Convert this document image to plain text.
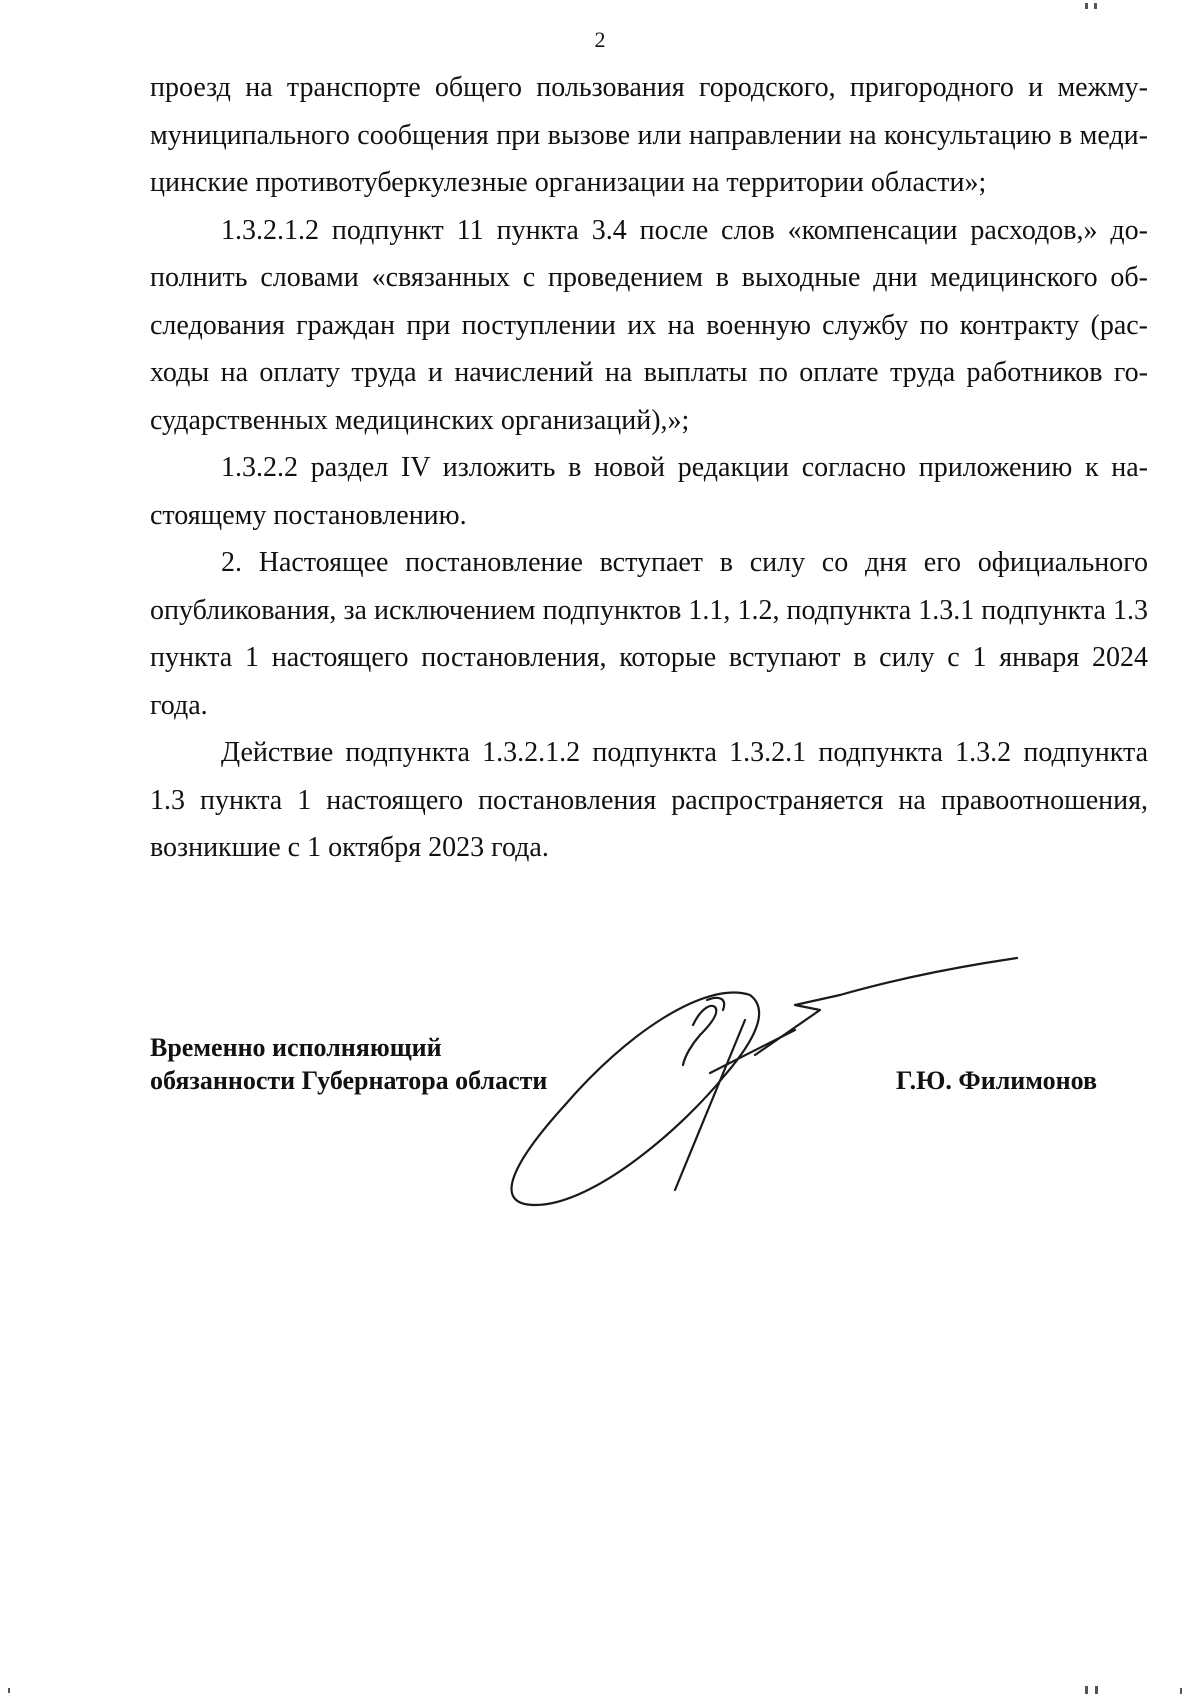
2

проезд на транспорте общего пользования городского, пригородного и межму-муниципального сообщения при вызове или направлении на консультацию в меди-цинские противотуберкулезные организации на территории области»;

1.3.2.1.2 подпункт 11 пункта 3.4 после слов «компенсации расходов,» до-полнить словами «связанных с проведением в выходные дни медицинского об-следования граждан при поступлении их на военную службу по контракту (рас-ходы на оплату труда и начислений на выплаты по оплате труда работников го-сударственных медицинских организаций),»;

1.3.2.2 раздел IV изложить в новой редакции согласно приложению к на-стоящему постановлению.

2. Настоящее постановление вступает в силу со дня его официального опубликования, за исключением подпунктов 1.1, 1.2, подпункта 1.3.1 подпункта 1.3 пункта 1 настоящего постановления, которые вступают в силу с 1 января 2024 года.

Действие подпункта 1.3.2.1.2 подпункта 1.3.2.1 подпункта 1.3.2 подпункта 1.3 пункта 1 настоящего постановления распространяется на правоотношения, возникшие с 1 октября 2023 года.

Временно исполняющий
обязанности Губернатора области	Г.Ю. Филимонов
